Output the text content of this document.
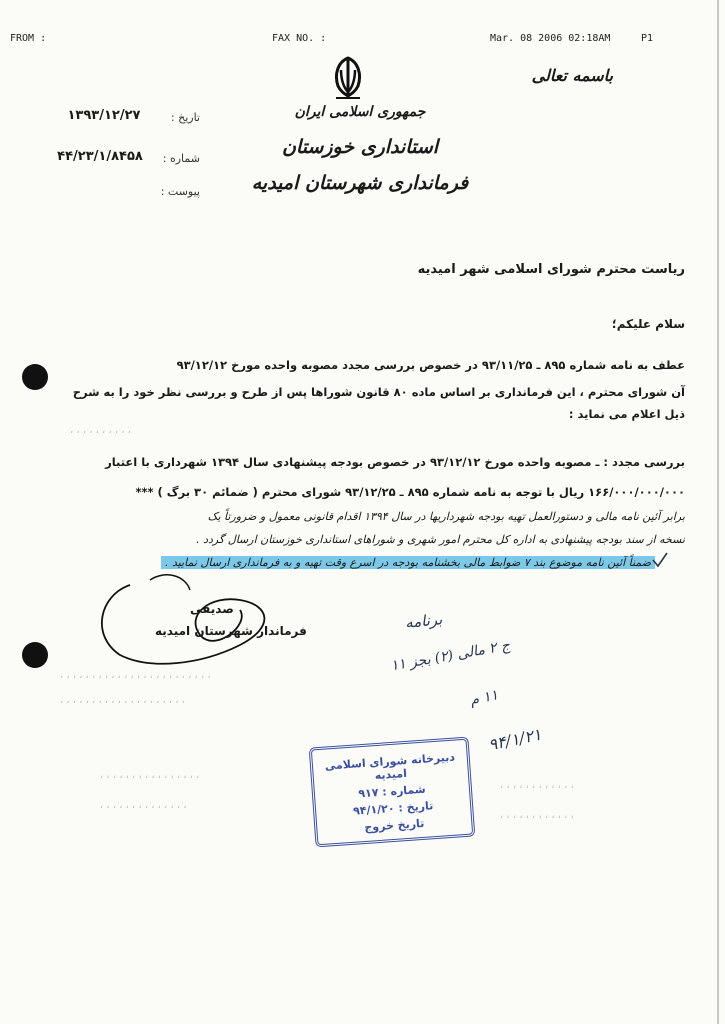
FROM :	FAX NO. :	Mar. 08 2006 02:18AM	P1
باسمه تعالی
جمهوری اسلامی ایران
استانداری خوزستان
فرمانداری شهرستان امیدیه
تاریخ :
۱۳۹۳/۱۲/۲۷
شماره :
۴۴/۲۳/۱/۸۴۵۸
پیوست :
ریاست محترم شورای اسلامی شهر امیدیه
سلام علیکم؛
عطف به نامه شماره ۸۹۵ ـ ۹۳/۱۱/۲۵ در خصوص بررسی مجدد مصوبه واحده مورخ ۹۳/۱۲/۱۲
آن شورای محترم ، این فرمانداری بر اساس ماده ۸۰ قانون شوراها پس از طرح و بررسی نظر خود را به شرح
ذیل اعلام می نماید :
بررسی مجدد : ـ مصوبه واحده مورخ ۹۳/۱۲/۱۲ در خصوص بودجه پیشنهادی سال ۱۳۹۴ شهرداری با اعتبار
۱۶۶/۰۰۰/۰۰۰/۰۰۰ ریال با توجه به نامه شماره ۸۹۵ ـ ۹۳/۱۲/۲۵ شورای محترم ( ضمائم ۳۰ برگ ) ***
برابر آئین نامه مالی و دستورالعمل تهیه بودجه شهرداریها در سال ۱۳۹۴ اقدام قانونی معمول و ضرورتاً یک
نسخه از سند بودجه پیشنهادی به اداره کل محترم امور شهری و شوراهای استانداری خوزستان ارسال گردد .
ضمناً آئین نامه موضوع بند ۷ ضوابط مالی بخشنامه بودجه در اسرع وقت تهیه و به فرمانداری ارسال نمایید .
، ، ، ، ، ، ، ، ، ،
، ، ، ، ، ، ، ، ، ، ، ، ، ، ، ، ، ، ، ، ، ، ، ،
، ، ، ، ، ، ، ، ، ، ، ، ، ، ، ، ، ، ، ،
، ، ، ، ، ، ، ، ، ، ، ، ، ، ، ،
، ، ، ، ، ، ، ، ، ، ، ، ، ،
، ، ، ، ، ، ، ، ، ، ، ،
، ، ، ، ، ، ، ، ، ، ، ،
صدیقی
فرماندار شهرستان امیدیه	برنامه
ج ۲ مالی (۲) بجز ۱۱
۱۱ م
۹۴/۱/۲۱
دبیرخانه شورای اسلامی امیدیه
شماره : ۹۱۷
تاریخ : ۹۴/۱/۲۰
تاریخ خروج
